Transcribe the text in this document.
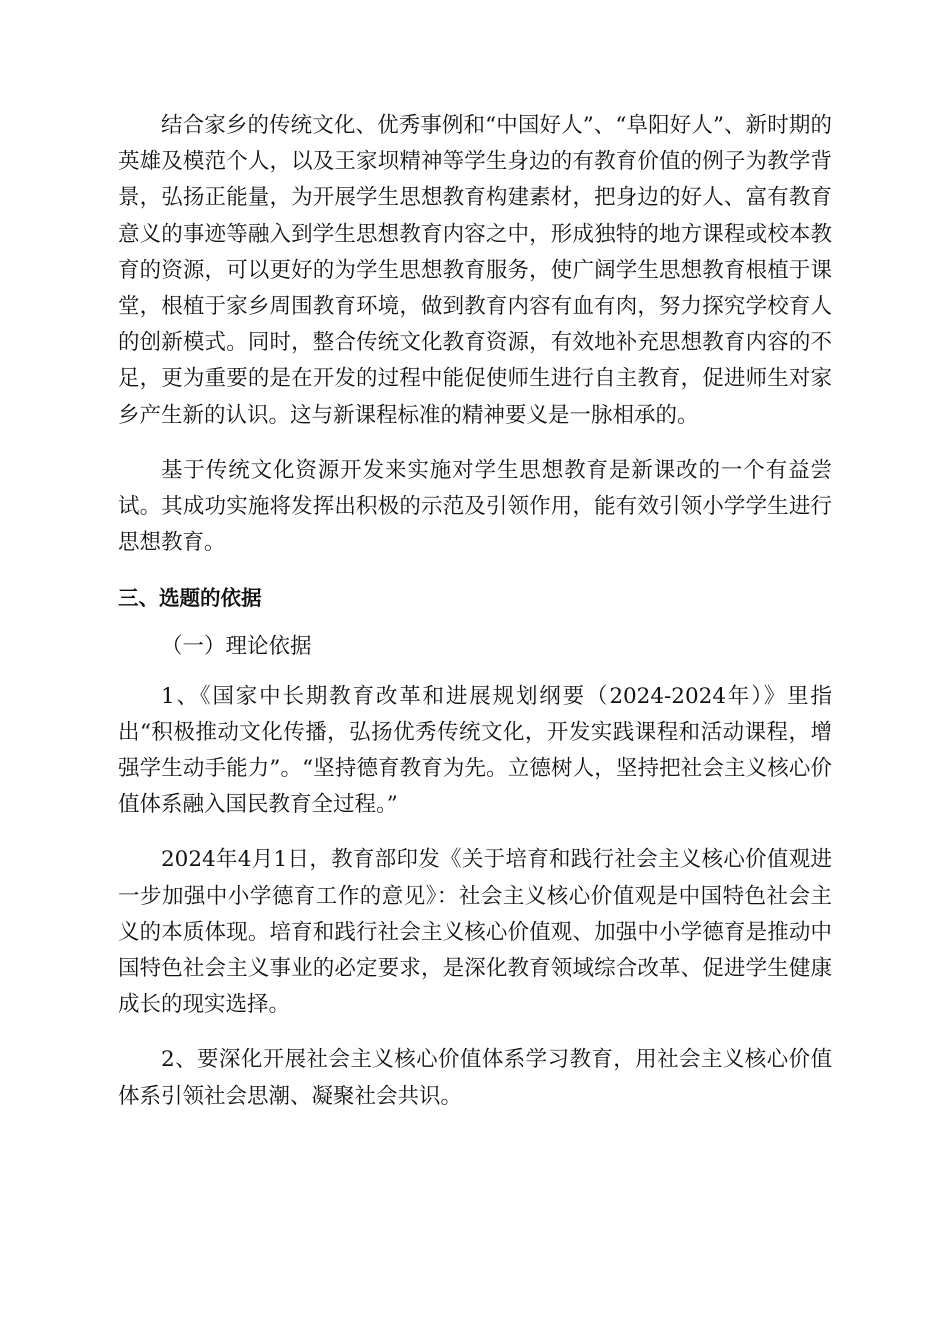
结合家乡的传统文化、优秀事例和“中国好人”、“阜阳好人”、新时期的英雄及模范个人，以及王家坝精神等学生身边的有教育价值的例子为教学背景，弘扬正能量，为开展学生思想教育构建素材，把身边的好人、富有教育意义的事迹等融入到学生思想教育内容之中，形成独特的地方课程或校本教育的资源，可以更好的为学生思想教育服务，使广阔学生思想教育根植于课堂，根植于家乡周围教育环境，做到教育内容有血有肉，努力探究学校育人的创新模式。同时，整合传统文化教育资源，有效地补充思想教育内容的不足，更为重要的是在开发的过程中能促使师生进行自主教育，促进师生对家乡产生新的认识。这与新课程标准的精神要义是一脉相承的。

基于传统文化资源开发来实施对学生思想教育是新课改的一个有益尝试。其成功实施将发挥出积极的示范及引领作用，能有效引领小学学生进行思想教育。

三、选题的依据

（一）理论依据

1、《国家中长期教育改革和进展规划纲要（2024-2024年）》里指出“积极推动文化传播，弘扬优秀传统文化，开发实践课程和活动课程，增强学生动手能力”。“坚持德育教育为先。立德树人，坚持把社会主义核心价值体系融入国民教育全过程。”

2024年4月1日，教育部印发《关于培育和践行社会主义核心价值观进一步加强中小学德育工作的意见》：社会主义核心价值观是中国特色社会主义的本质体现。培育和践行社会主义核心价值观、加强中小学德育是推动中国特色社会主义事业的必定要求，是深化教育领域综合改革、促进学生健康成长的现实选择。

2、要深化开展社会主义核心价值体系学习教育，用社会主义核心价值体系引领社会思潮、凝聚社会共识。
